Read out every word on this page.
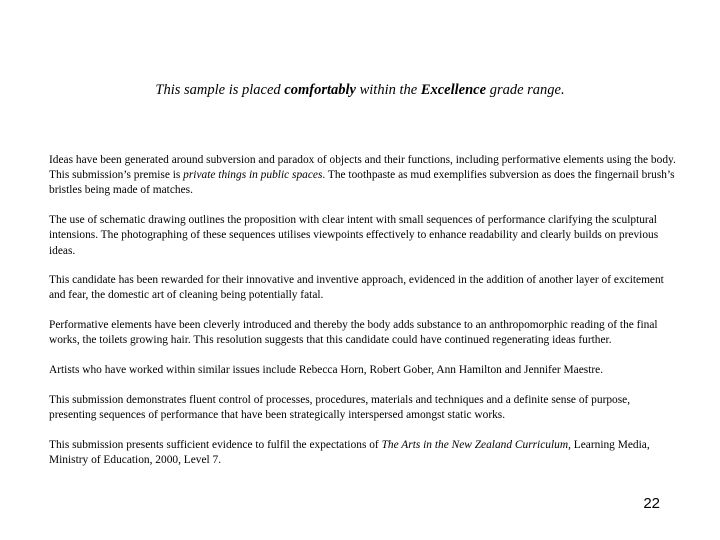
This sample is placed comfortably within the Excellence grade range.

Ideas have been generated around subversion and paradox of objects and their functions, including performative elements using the body. This submission’s premise is private things in public spaces. The toothpaste as mud exemplifies subversion as does the fingernail brush’s bristles being made of matches.

The use of schematic drawing outlines the proposition with clear intent with small sequences of performance clarifying the sculptural intensions. The photographing of these sequences utilises viewpoints effectively to enhance readability and clearly builds on previous ideas.

This candidate has been rewarded for their innovative and inventive approach, evidenced in the addition of another layer of excitement and fear, the domestic art of cleaning being potentially fatal.

Performative elements have been cleverly introduced and thereby the body adds substance to an anthropomorphic reading of the final works, the toilets growing hair. This resolution suggests that this candidate could have continued regenerating ideas further.

Artists who have worked within similar issues include Rebecca Horn, Robert Gober, Ann Hamilton and Jennifer Maestre.

This submission demonstrates fluent control of processes, procedures, materials and techniques and a definite sense of purpose, presenting sequences of performance that have been strategically interspersed amongst static works.

This submission presents sufficient evidence to fulfil the expectations of The Arts in the New Zealand Curriculum, Learning Media, Ministry of Education, 2000, Level 7.

22
